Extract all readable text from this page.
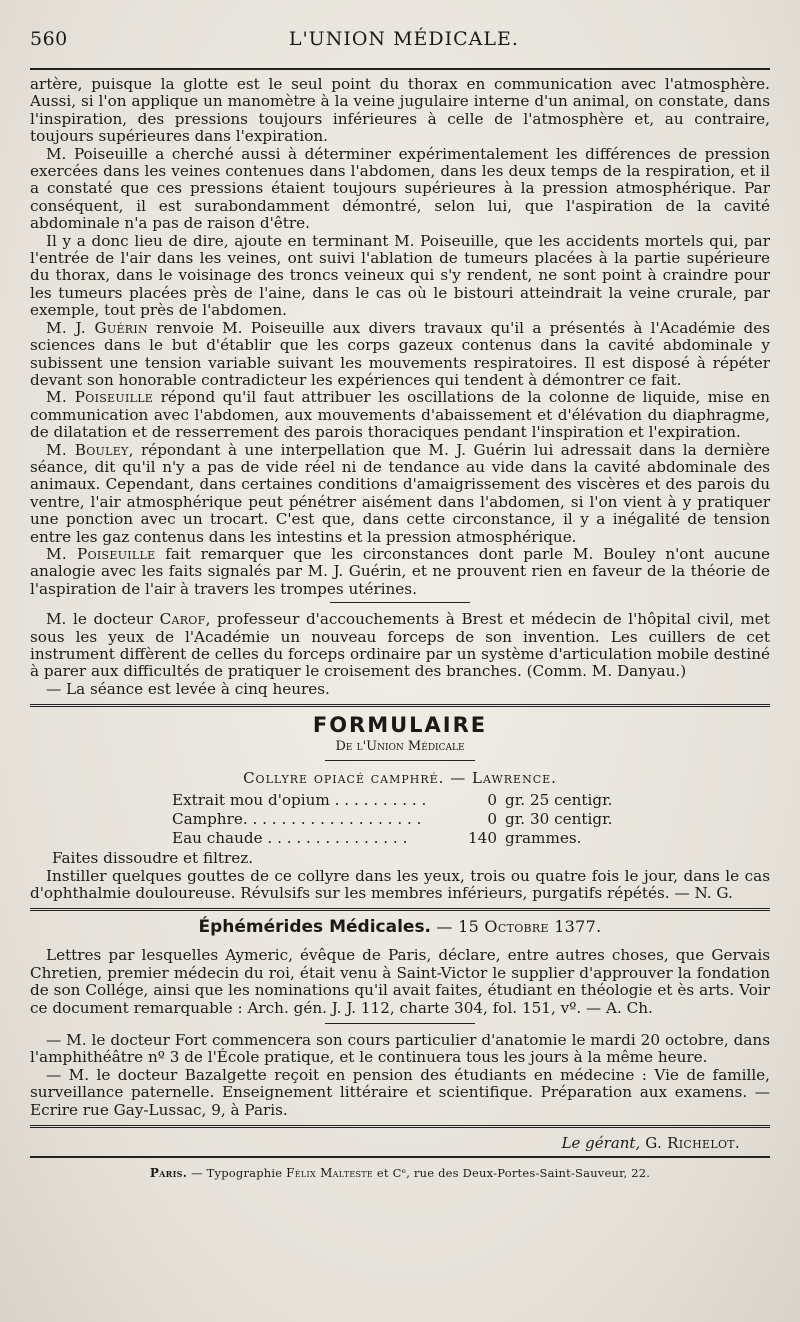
560	L'UNION MÉDICALE.

artère, puisque la glotte est le seul point du thorax en communication avec l'atmosphère. Aussi, si l'on applique un manomètre à la veine jugulaire interne d'un animal, on constate, dans l'inspiration, des pressions toujours inférieures à celle de l'atmosphère et, au contraire, toujours supérieures dans l'expiration.

M. Poiseuille a cherché aussi à déterminer expérimentalement les différences de pression exercées dans les veines contenues dans l'abdomen, dans les deux temps de la respiration, et il a constaté que ces pressions étaient toujours supérieures à la pression atmosphérique. Par conséquent, il est surabondamment démontré, selon lui, que l'aspiration de la cavité abdominale n'a pas de raison d'être.

Il y a donc lieu de dire, ajoute en terminant M. Poiseuille, que les accidents mortels qui, par l'entrée de l'air dans les veines, ont suivi l'ablation de tumeurs placées à la partie supérieure du thorax, dans le voisinage des troncs veineux qui s'y rendent, ne sont point à craindre pour les tumeurs placées près de l'aine, dans le cas où le bistouri atteindrait la veine crurale, par exemple, tout près de l'abdomen.

M. J. Guérin renvoie M. Poiseuille aux divers travaux qu'il a présentés à l'Académie des sciences dans le but d'établir que les corps gazeux contenus dans la cavité abdominale y subissent une tension variable suivant les mouvements respiratoires. Il est disposé à répéter devant son honorable contradicteur les expériences qui tendent à démontrer ce fait.

M. Poiseuille répond qu'il faut attribuer les oscillations de la colonne de liquide, mise en communication avec l'abdomen, aux mouvements d'abaissement et d'élévation du diaphragme, de dilatation et de resserrement des parois thoraciques pendant l'inspiration et l'expiration.

M. Bouley, répondant à une interpellation que M. J. Guérin lui adressait dans la dernière séance, dit qu'il n'y a pas de vide réel ni de tendance au vide dans la cavité abdominale des animaux. Cependant, dans certaines conditions d'amaigrissement des viscères et des parois du ventre, l'air atmosphérique peut pénétrer aisément dans l'abdomen, si l'on vient à y pratiquer une ponction avec un trocart. C'est que, dans cette circonstance, il y a inégalité de tension entre les gaz contenus dans les intestins et la pression atmosphérique.

M. Poiseuille fait remarquer que les circonstances dont parle M. Bouley n'ont aucune analogie avec les faits signalés par M. J. Guérin, et ne prouvent rien en faveur de la théorie de l'aspiration de l'air à travers les trompes utérines.

M. le docteur Carof, professeur d'accouchements à Brest et médecin de l'hôpital civil, met sous les yeux de l'Académie un nouveau forceps de son invention. Les cuillers de cet instrument diffèrent de celles du forceps ordinaire par un système d'articulation mobile destiné à parer aux difficultés de pratiquer le croisement des branches. (Comm. M. Danyau.)

— La séance est levée à cinq heures.

FORMULAIRE
De l'Union Médicale
Collyre opiacé camphré. — Lawrence.
Extrait mou d'opium . . . . . . . . . .	0	gr. 25 centigr.
Camphre. . . . . . . . . . . . . . . . . . .	0	gr. 30 centigr.
Eau chaude . . . . . . . . . . . . . . .	140	grammes.

Faites dissoudre et filtrez.

Instiller quelques gouttes de ce collyre dans les yeux, trois ou quatre fois le jour, dans le cas d'ophthalmie douloureuse. Révulsifs sur les membres inférieurs, purgatifs répétés. — N. G.

Éphémérides Médicales. — 15 Octobre 1377.

Lettres par lesquelles Aymeric, évêque de Paris, déclare, entre autres choses, que Gervais Chretien, premier médecin du roi, était venu à Saint-Victor le supplier d'approuver la fondation de son Collége, ainsi que les nominations qu'il avait faites, étudiant en théologie et ès arts. Voir ce document remarquable : Arch. gén. J. J. 112, charte 304, fol. 151, vº. — A. Ch.

— M. le docteur Fort commencera son cours particulier d'anatomie le mardi 20 octobre, dans l'amphithéâtre nº 3 de l'École pratique, et le continuera tous les jours à la même heure.

— M. le docteur Bazalgette reçoit en pension des étudiants en médecine : Vie de famille, surveillance paternelle. Enseignement littéraire et scientifique. Préparation aux examens. — Ecrire rue Gay-Lussac, 9, à Paris.

Le gérant, G. Richelot.
Paris. — Typographie Félix Malteste et Cᵉ, rue des Deux-Portes-Saint-Sauveur, 22.
